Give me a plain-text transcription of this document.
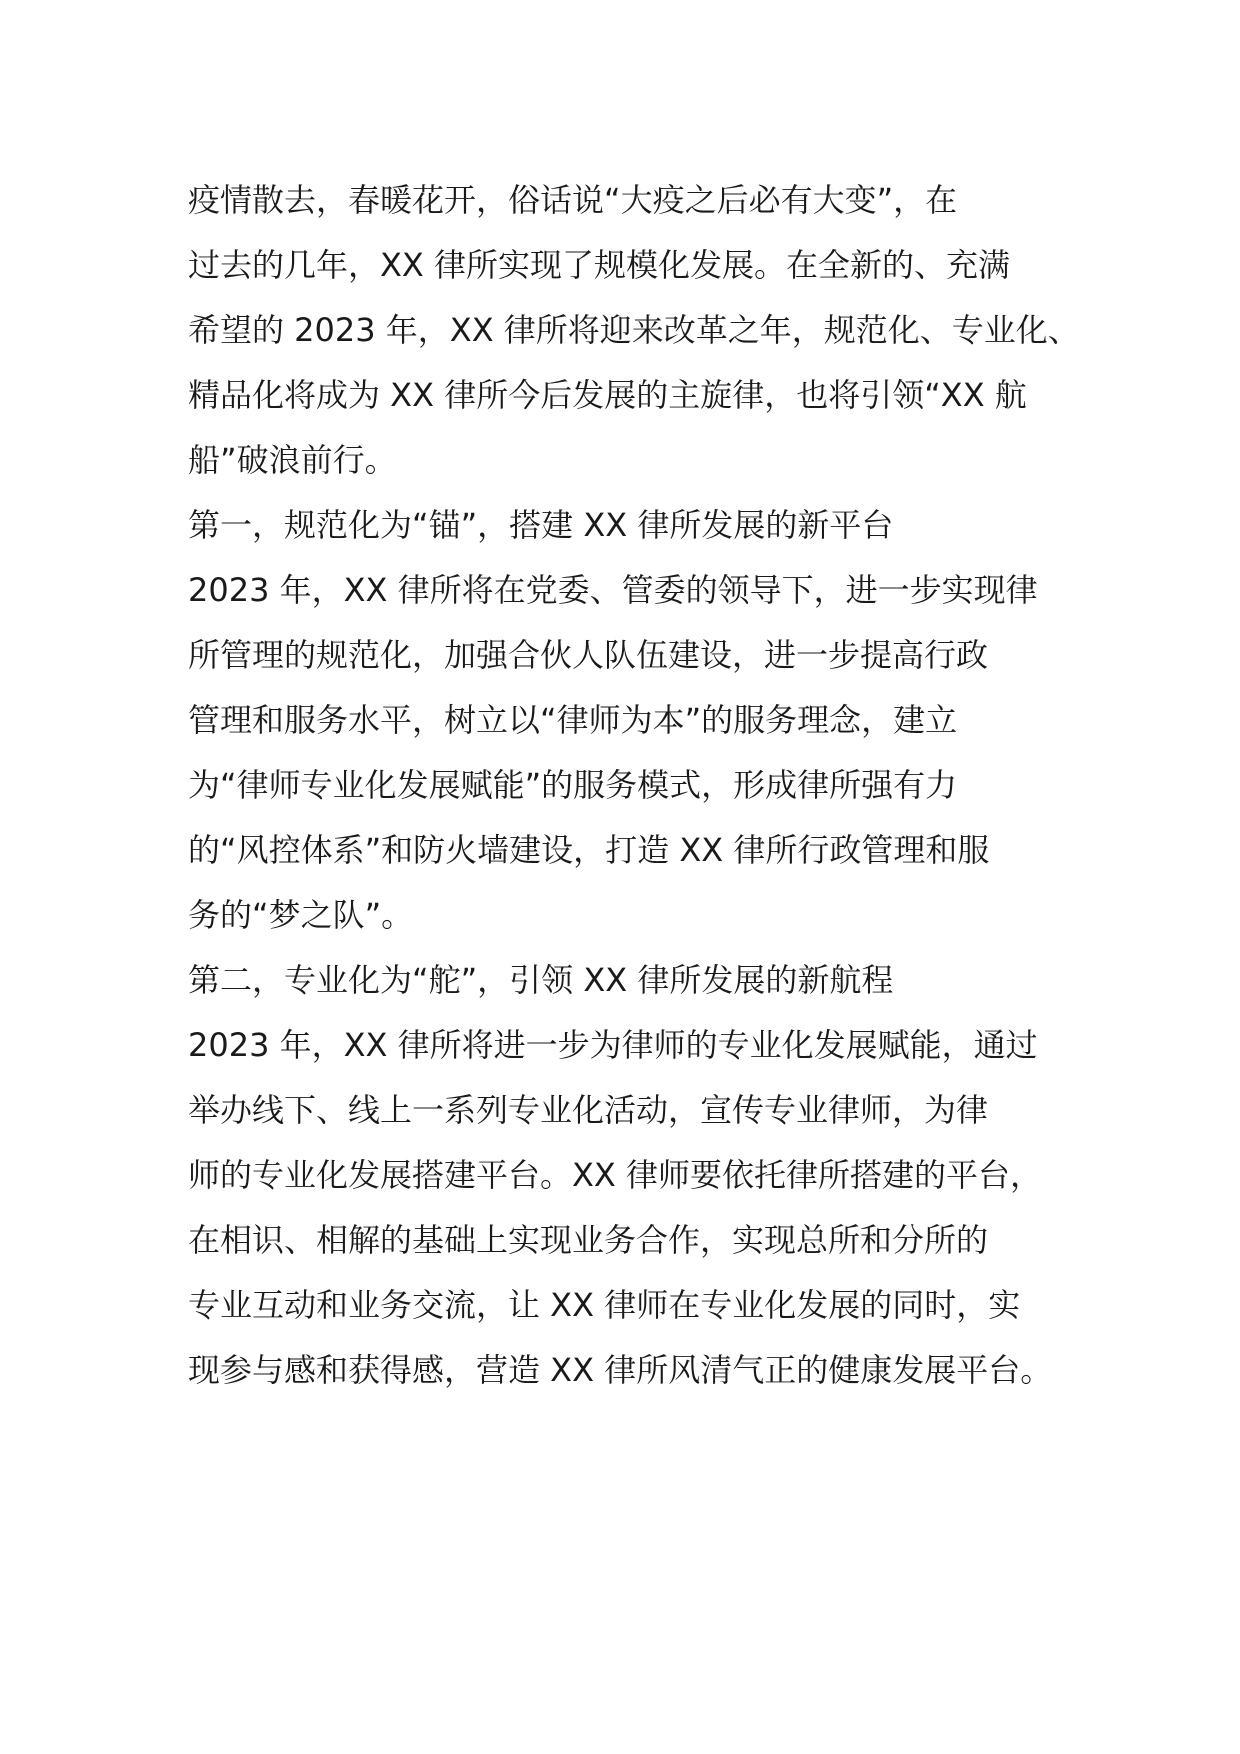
疫情散去，春暖花开，俗话说“大疫之后必有大变”，在
过去的几年，XX 律所实现了规模化发展。在全新的、充满
希望的 2023 年，XX 律所将迎来改革之年，规范化、专业化、
精品化将成为 XX 律所今后发展的主旋律，也将引领“XX 航
船”破浪前行。
第一，规范化为“锚”，搭建 XX 律所发展的新平台
2023 年，XX 律所将在党委、管委的领导下，进一步实现律
所管理的规范化，加强合伙人队伍建设，进一步提高行政
管理和服务水平，树立以“律师为本”的服务理念，建立
为“律师专业化发展赋能”的服务模式，形成律所强有力
的“风控体系”和防火墙建设，打造 XX 律所行政管理和服
务的“梦之队”。
第二，专业化为“舵”，引领 XX 律所发展的新航程
2023 年，XX 律所将进一步为律师的专业化发展赋能，通过
举办线下、线上一系列专业化活动，宣传专业律师，为律
师的专业化发展搭建平台。XX 律师要依托律所搭建的平台，
在相识、相解的基础上实现业务合作，实现总所和分所的
专业互动和业务交流，让 XX 律师在专业化发展的同时，实
现参与感和获得感，营造 XX 律所风清气正的健康发展平台。
